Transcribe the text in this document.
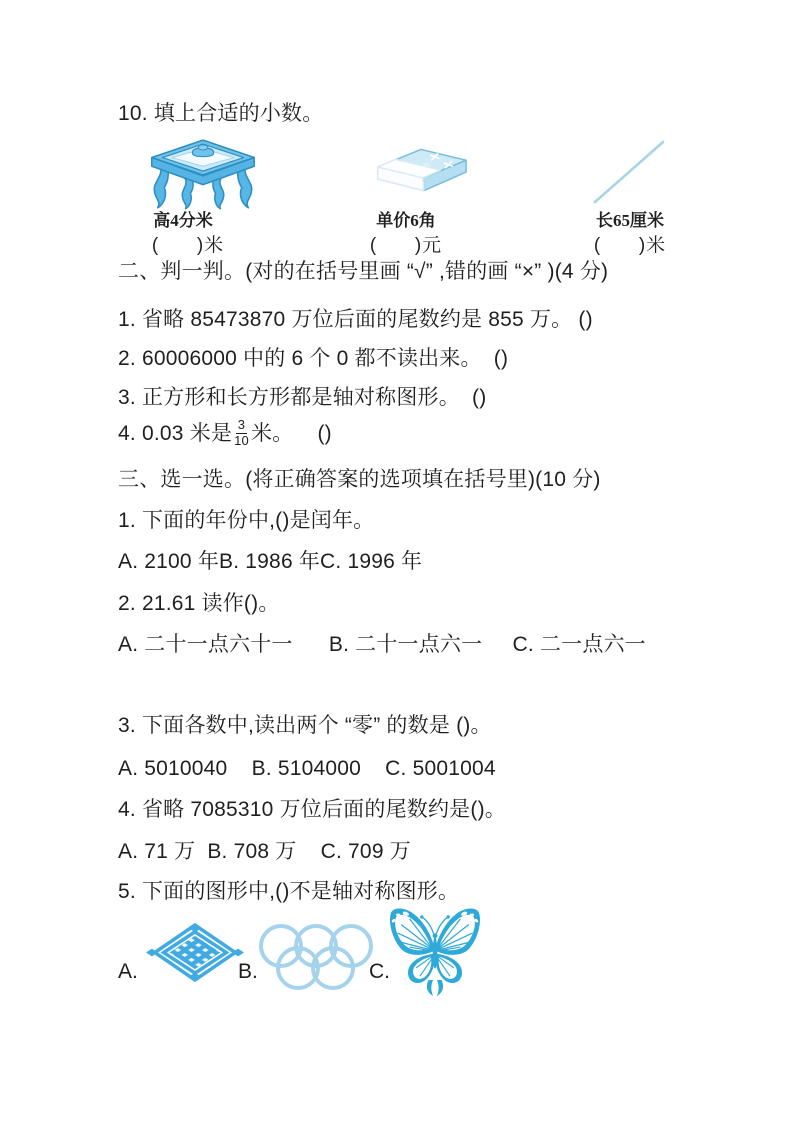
10. 填上合适的小数。
高4分米	单价6角	长65厘米
(      )米	(      )元	(      )米
二、判一判。(对的在括号里画 “√” ,错的画 “×” )(4 分)
1. 省略 85473870 万位后面的尾数约是 855 万。 ()
2. 60006000 中的 6 个 0 都不读出来。  ()
3. 正方形和长方形都是轴对称图形。  ()
4. 0.03 米是 $\frac{3}{10}$ 米。    ()
三、选一选。(将正确答案的选项填在括号里)(10 分)
1. 下面的年份中,()是闰年。
A. 2100 年B. 1986 年C. 1996 年
2. 21.61 读作()。
A. 二十一点六十一      B. 二十一点六一     C. 二一点六一
3. 下面各数中,读出两个 “零” 的数是 ()。
A. 5010040    B. 5104000    C. 5001004
4. 省略 7085310 万位后面的尾数约是()。
A. 71 万  B. 708 万    C. 709 万
5. 下面的图形中,()不是轴对称图形。
A.	B.	C.
